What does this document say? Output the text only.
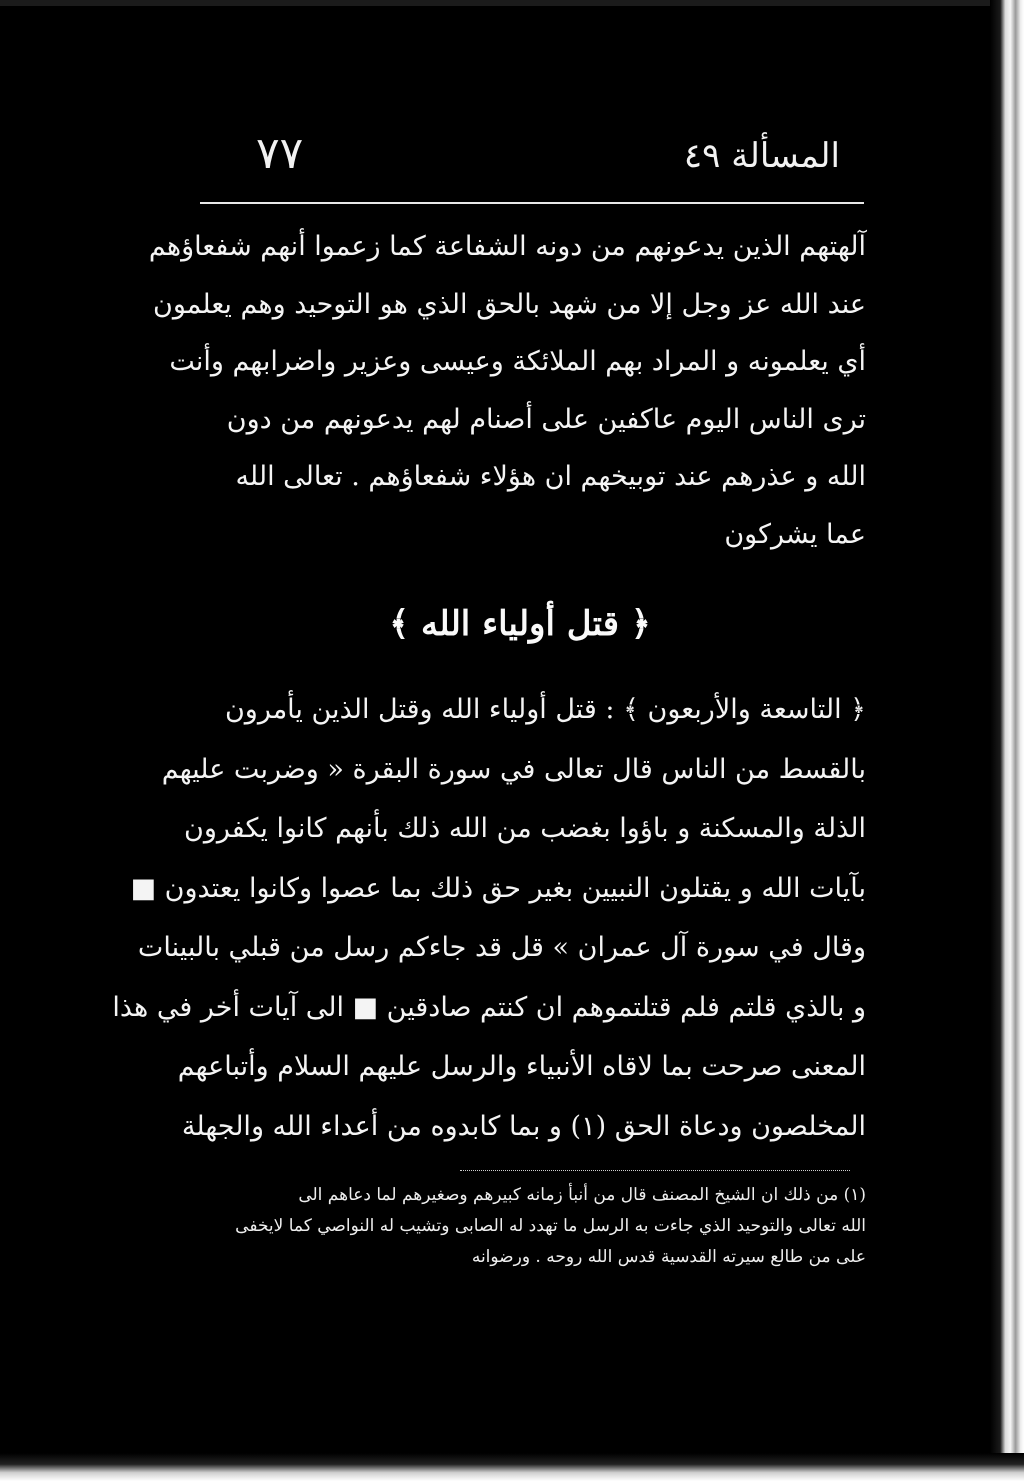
٧٧	المسألة ٤٩
آلهتهم الذين يدعونهم من دونه الشفاعة كما زعموا أنهم شفعاؤهم
عند الله عز وجل إلا من شهد بالحق الذي هو التوحيد وهم يعلمون
أي يعلمونه و المراد بهم الملائكة وعيسى وعزير واضرابهم وأنت
ترى الناس اليوم عاكفين على أصنام لهم يدعونهم من دون
الله و عذرهم عند توبيخهم ان هؤلاء شفعاؤهم . تعالى الله
عما يشركون
﴿ قتل أولياء الله ﴾
﴿ التاسعة والأربعون ﴾ : قتل أولياء الله وقتل الذين يأمرون
بالقسط من الناس قال تعالى في سورة البقرة « وضربت عليهم
الذلة والمسكنة و باؤوا بغضب من الله ذلك بأنهم كانوا يكفرون
بآيات الله و يقتلون النبيين بغير حق ذلك بما عصوا وكانوا يعتدون ■
وقال في سورة آل عمران » قل قد جاءكم رسل من قبلي بالبينات
و بالذي قلتم فلم قتلتموهم ان كنتم صادقين ■ الى آيات أخر في هذا
المعنى صرحت بما لاقاه الأنبياء والرسل عليهم السلام وأتباعهم
المخلصون ودعاة الحق (١) و بما كابدوه من أعداء الله والجهلة
(١) من ذلك ان الشيخ المصنف قال من أنبأ زمانه كبيرهم وصغيرهم لما دعاهم الى
الله تعالى والتوحيد الذي جاءت به الرسل ما تهدد له الصابى وتشيب له النواصي كما لايخفى
على من طالع سيرته القدسية قدس الله روحه . ورضوانه
